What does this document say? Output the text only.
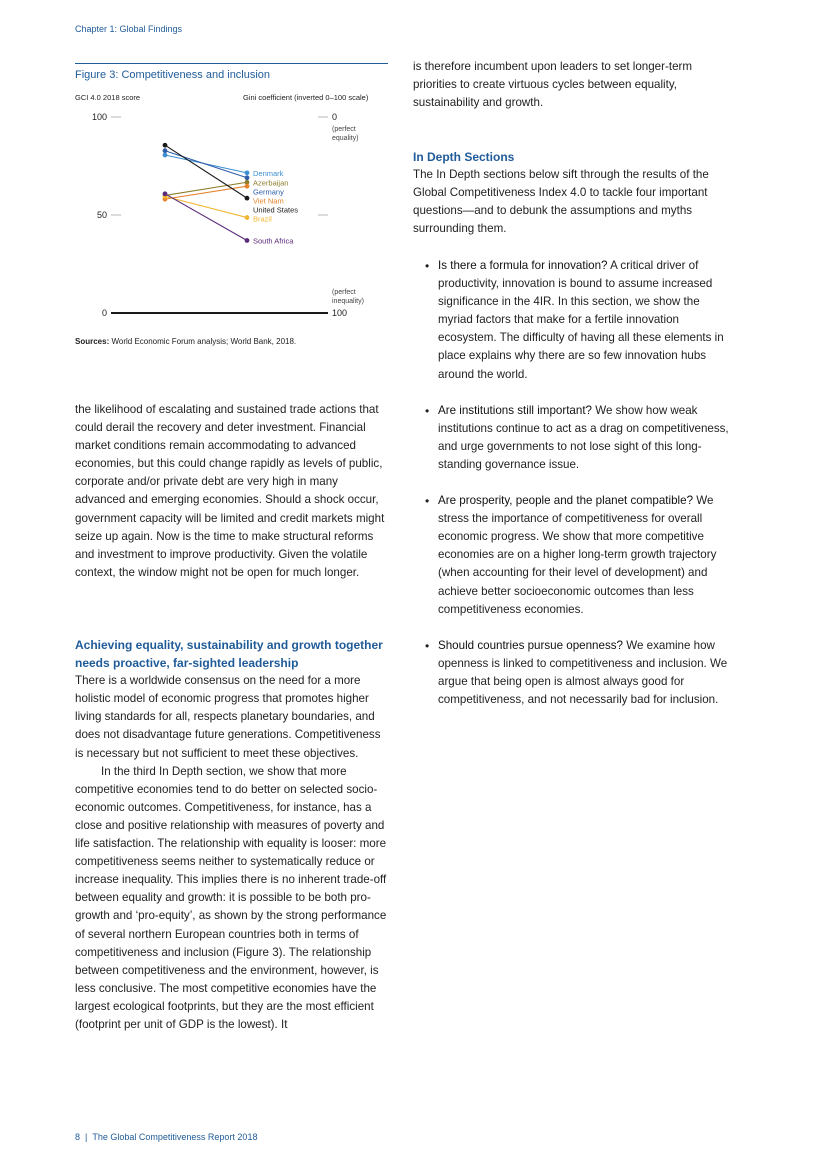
Chapter 1: Global Findings
Figure 3: Competitiveness and inclusion
GCI 4.0 2018 score	Gini coefficient (inverted 0–100 scale)
100
50
0
0
(perfect
equality)
(perfect
inequality)
100
Azerbaijan
Denmark
Germany
Viet Nam
United States
Brazil
South Africa
Sources: World Economic Forum analysis; World Bank, 2018.

the likelihood of escalating and sustained trade actions that could derail the recovery and deter investment. Financial market conditions remain accommodating to advanced economies, but this could change rapidly as levels of public, corporate and/or private debt are very high in many advanced and emerging economies. Should a shock occur, government capacity will be limited and credit markets might seize up again. Now is the time to make structural reforms and investment to improve productivity. Given the volatile context, the window might not be open for much longer.

Achieving equality, sustainability and growth together needs proactive, far-sighted leadership

There is a worldwide consensus on the need for a more holistic model of economic progress that promotes higher living standards for all, respects planetary boundaries, and does not disadvantage future generations. Competitiveness is necessary but not sufficient to meet these objectives.

In the third In Depth section, we show that more competitive economies tend to do better on selected socio-economic outcomes. Competitiveness, for instance, has a close and positive relationship with measures of poverty and life satisfaction. The relationship with equality is looser: more competitiveness seems neither to systematically reduce or increase inequality. This implies there is no inherent trade-off between equality and growth: it is possible to be both pro-growth and ‘pro-equity’, as shown by the strong performance of several northern European countries both in terms of competitiveness and inclusion (Figure 3). The relationship between competitiveness and the environment, however, is less conclusive. The most competitive economies have the largest ecological footprints, but they are the most efficient (footprint per unit of GDP is the lowest). It

is therefore incumbent upon leaders to set longer-term priorities to create virtuous cycles between equality, sustainability and growth.

In Depth Sections

The In Depth sections below sift through the results of the Global Competitiveness Index 4.0 to tackle four important questions—and to debunk the assumptions and myths surrounding them.

• Is there a formula for innovation? A critical driver of productivity, innovation is bound to assume increased significance in the 4IR. In this section, we show the myriad factors that make for a fertile innovation ecosystem. The difficulty of having all these elements in place explains why there are so few innovation hubs around the world.
• Are institutions still important? We show how weak institutions continue to act as a drag on competitiveness, and urge governments to not lose sight of this long-standing governance issue.
• Are prosperity, people and the planet compatible? We stress the importance of competitiveness for overall economic progress. We show that more competitive economies are on a higher long-term growth trajectory (when accounting for their level of development) and achieve better socioeconomic outcomes than less competitiveness economies.
• Should countries pursue openness? We examine how openness is linked to competitiveness and inclusion. We argue that being open is almost always good for competitiveness, and not necessarily bad for inclusion.
8 | The Global Competitiveness Report 2018
